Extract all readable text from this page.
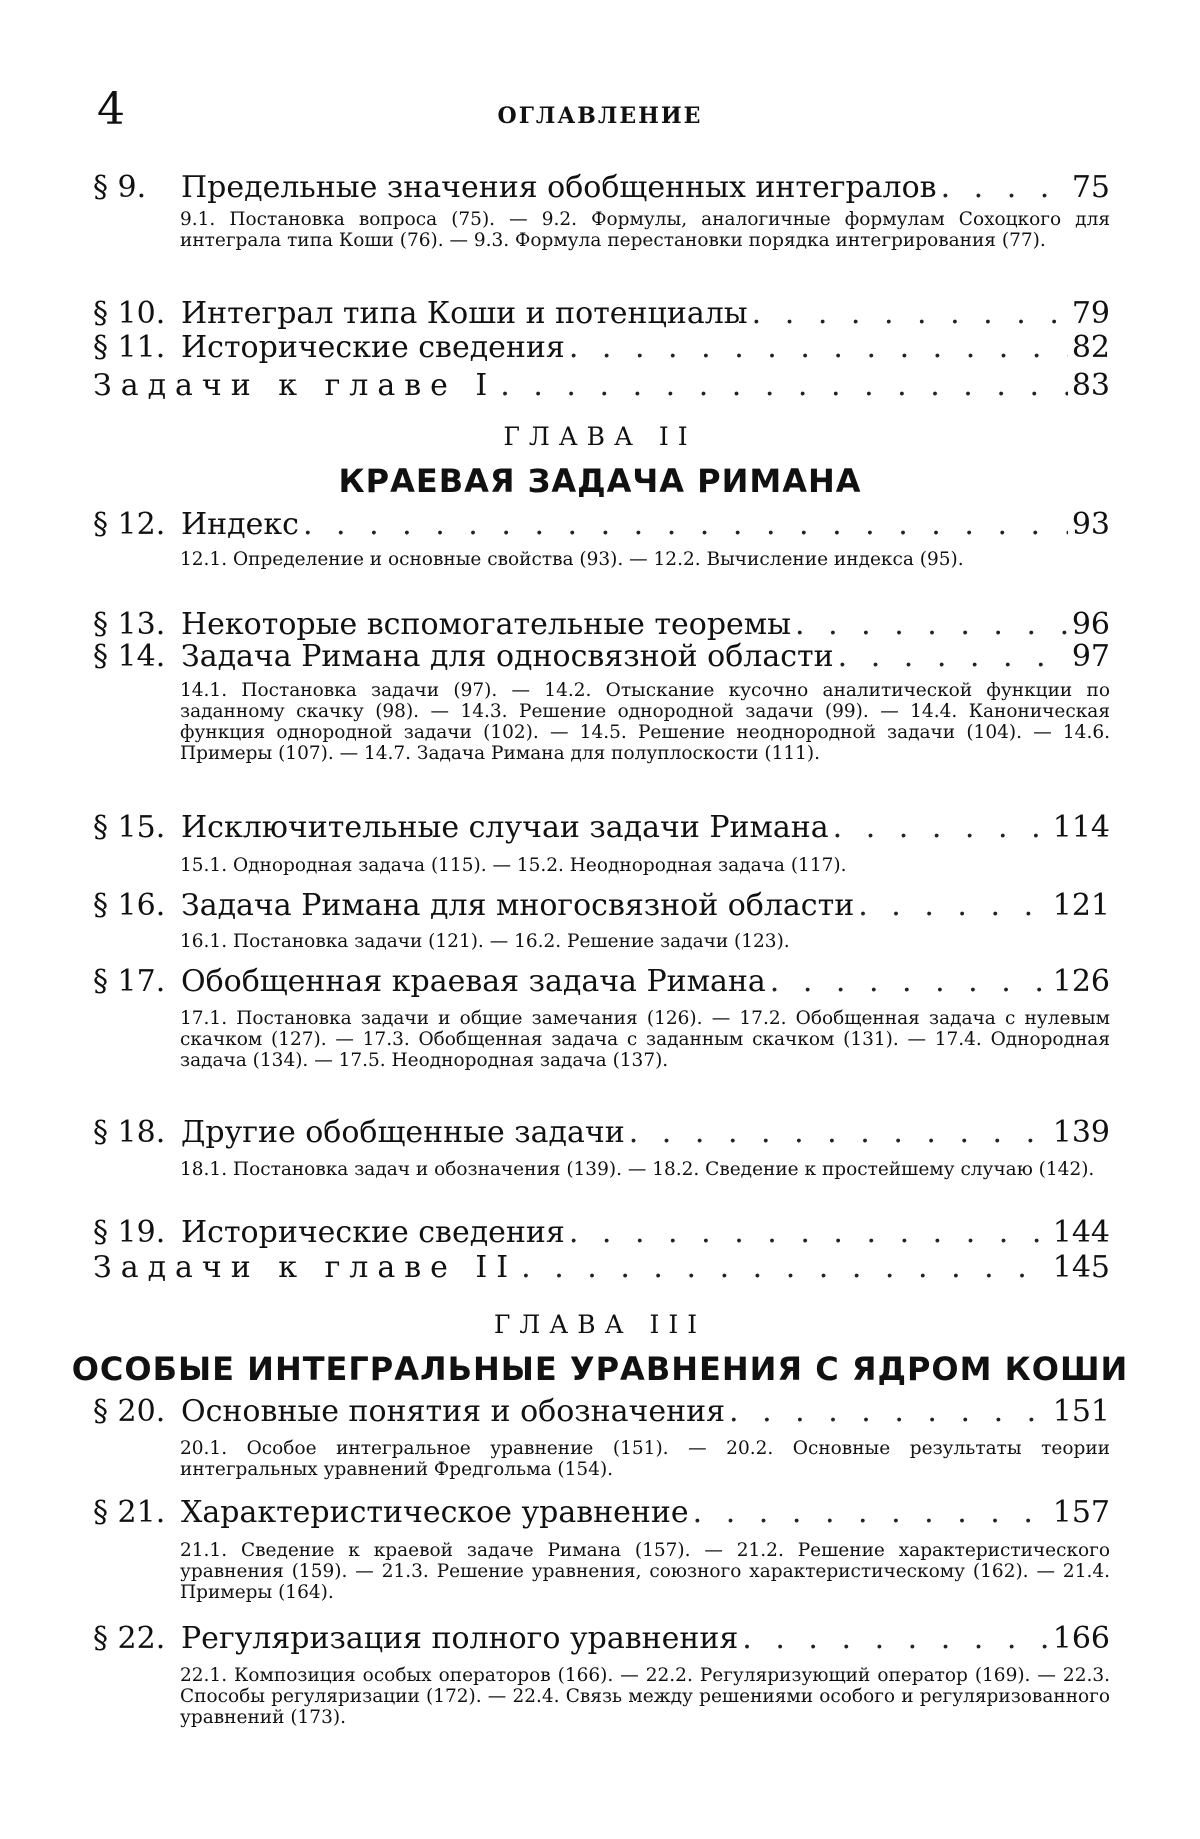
4	ОГЛАВЛЕНИЕ
§ 9.	Предельные значения обобщенных интегралов . . .	75
9.1. Постановка вопроса (75). — 9.2. Формулы, аналогичные формулам Сохоцкого для интеграла типа Коши (76). — 9.3. Формула перестановки порядка интегрирования (77).
§ 10. Интеграл типа Коши и потенциалы . . .	79
§ 11. Исторические сведения . . .	82
Задачи к главе I . . .	83
ГЛАВА II
КРАЕВАЯ ЗАДАЧА РИМАНА
§ 12. Индекс . . .	93
12.1. Определение и основные свойства (93). — 12.2. Вычисление индекса (95).
§ 13. Некоторые вспомогательные теоремы . . .	96
§ 14. Задача Римана для односвязной области . . .	97
14.1. Постановка задачи (97). — 14.2. Отыскание кусочно аналитической функции по заданному скачку (98). — 14.3. Решение однородной задачи (99). — 14.4. Каноническая функция однородной задачи (102). — 14.5. Решение неоднородной задачи (104). — 14.6. Примеры (107). — 14.7. Задача Римана для полуплоскости (111).
§ 15. Исключительные случаи задачи Римана . . .	114
15.1. Однородная задача (115). — 15.2. Неоднородная задача (117).
§ 16. Задача Римана для многосвязной области . . .	121
16.1. Постановка задачи (121). — 16.2. Решение задачи (123).
§ 17. Обобщенная краевая задача Римана . . .	126
17.1. Постановка задачи и общие замечания (126). — 17.2. Обобщенная задача с нулевым скачком (127). — 17.3. Обобщенная задача с заданным скачком (131). — 17.4. Однородная задача (134). — 17.5. Неоднородная задача (137).
§ 18. Другие обобщенные задачи . . .	139
18.1. Постановка задач и обозначения (139). — 18.2. Сведение к простейшему случаю (142).
§ 19. Исторические сведения . . .	144
Задачи к главе II . . .	145
ГЛАВА III
ОСОБЫЕ ИНТЕГРАЛЬНЫЕ УРАВНЕНИЯ С ЯДРОМ КОШИ
§ 20. Основные понятия и обозначения . . .	151
20.1. Особое интегральное уравнение (151). — 20.2. Основные результаты теории интегральных уравнений Фредгольма (154).
§ 21. Характеристическое уравнение . . .	157
21.1. Сведение к краевой задаче Римана (157). — 21.2. Решение характеристического уравнения (159). — 21.3. Решение уравнения, союзного характеристическому (162). — 21.4. Примеры (164).
§ 22. Регуляризация полного уравнения . . .	166
22.1. Композиция особых операторов (166). — 22.2. Регуляризующий оператор (169). — 22.3. Способы регуляризации (172). — 22.4. Связь между решениями особого и регуляризованного уравнений (173).
